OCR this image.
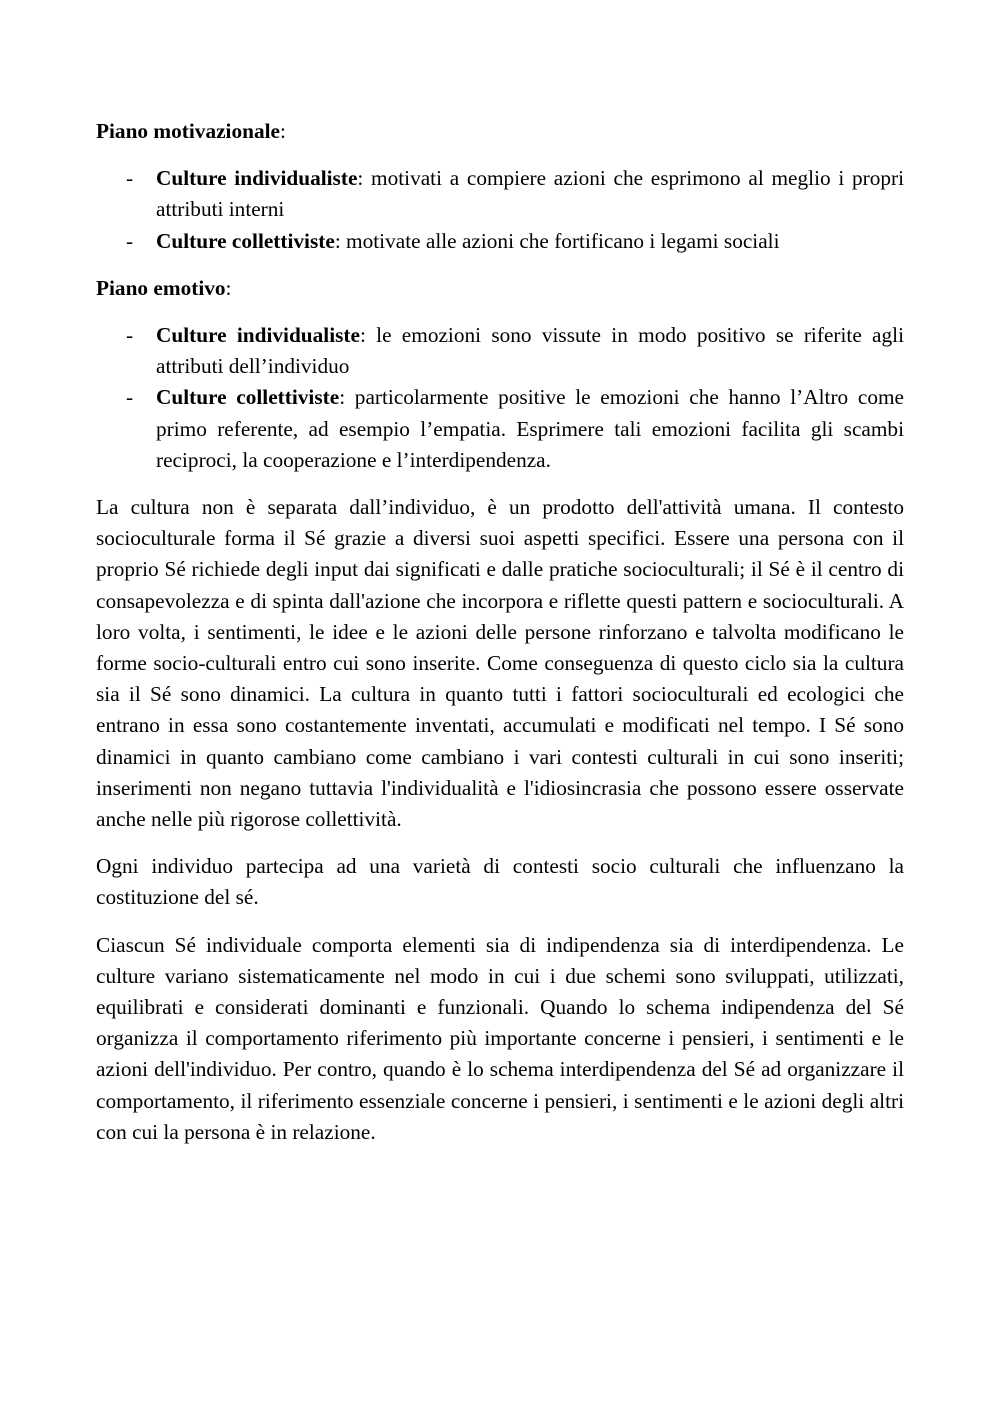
Piano motivazionale:

- Culture individualiste: motivati a compiere azioni che esprimono al meglio i propri attributi interni
- Culture collettiviste: motivate alle azioni che fortificano i legami sociali

Piano emotivo:

- Culture individualiste: le emozioni sono vissute in modo positivo se riferite agli attributi dell’individuo
- Culture collettiviste: particolarmente positive le emozioni che hanno l’Altro come primo referente, ad esempio l’empatia. Esprimere tali emozioni facilita gli scambi reciproci, la cooperazione e l’interdipendenza.

La cultura non è separata dall’individuo, è un prodotto dell'attività umana. Il contesto socioculturale forma il Sé grazie a diversi suoi aspetti specifici. Essere una persona con il proprio Sé richiede degli input dai significati e dalle pratiche socioculturali; il Sé è il centro di consapevolezza e di spinta dall'azione che incorpora e riflette questi pattern e socioculturali. A loro volta, i sentimenti, le idee e le azioni delle persone rinforzano e talvolta modificano le forme socio-culturali entro cui sono inserite. Come conseguenza di questo ciclo sia la cultura sia il Sé sono dinamici. La cultura in quanto tutti i fattori socioculturali ed ecologici che entrano in essa sono costantemente inventati, accumulati e modificati nel tempo. I Sé sono dinamici in quanto cambiano come cambiano i vari contesti culturali in cui sono inseriti; inserimenti non negano tuttavia l'individualità e l'idiosincrasia che possono essere osservate anche nelle più rigorose collettività.

Ogni individuo partecipa ad una varietà di contesti socio culturali che influenzano la costituzione del sé.

Ciascun Sé individuale comporta elementi sia di indipendenza sia di interdipendenza. Le culture variano sistematicamente nel modo in cui i due schemi sono sviluppati, utilizzati, equilibrati e considerati dominanti e funzionali. Quando lo schema indipendenza del Sé organizza il comportamento riferimento più importante concerne i pensieri, i sentimenti e le azioni dell'individuo. Per contro, quando è lo schema interdipendenza del Sé ad organizzare il comportamento, il riferimento essenziale concerne i pensieri, i sentimenti e le azioni degli altri con cui la persona è in relazione.
